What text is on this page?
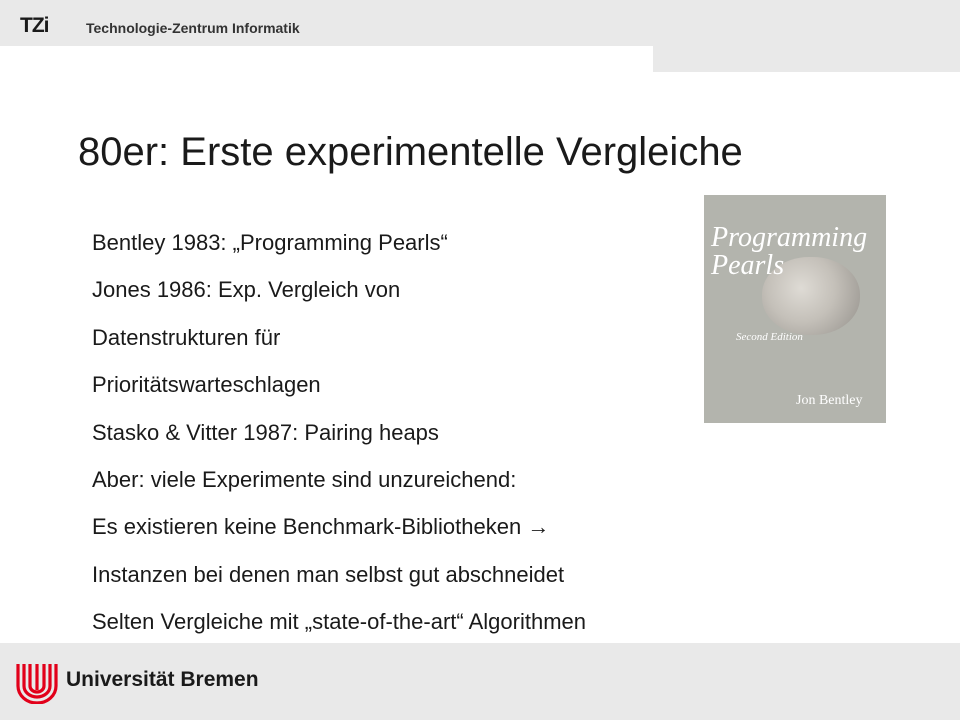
TZi	Technologie-Zentrum Informatik
80er: Erste experimentelle Vergleiche
Bentley 1983: „Programming Pearls“
Jones 1986: Exp. Vergleich von
Datenstrukturen für
Prioritätswarteschlagen
Stasko & Vitter 1987: Pairing heaps
Aber: viele Experimente sind unzureichend:
Es existieren keine Benchmark-Bibliotheken →
Instanzen bei denen man selbst gut abschneidet
Selten Vergleiche mit „state-of-the-art“ Algorithmen
Programming
Pearls
Second Edition
Jon Bentley
Universität Bremen
